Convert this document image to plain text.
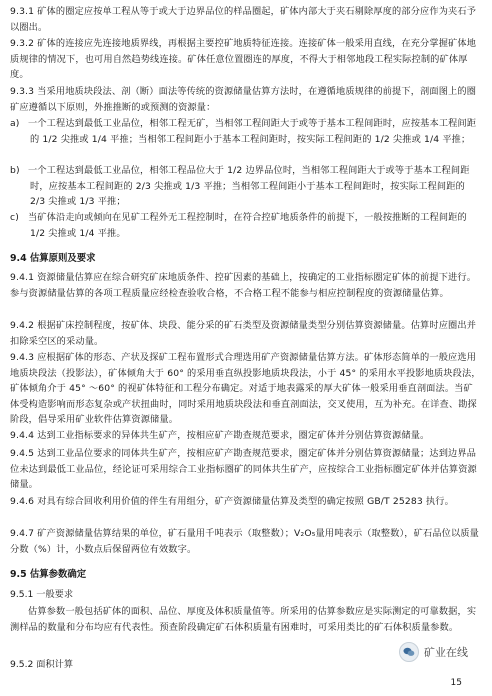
9.3.1 矿体的圈定应按单工程从等于或大于边界品位的样品圈起，矿体内部大于夹石剔除厚度的部分应作为夹石予以圈出。
9.3.2 矿体的连接应先连接地质界线，再根据主要控矿地质特征连接。连接矿体一般采用直线，在充分掌握矿体地质规律的情况下，也可用自然趋势线连接。矿体任意位置圈连的厚度，不得大于相邻地段工程实际控制的矿体厚度。
9.3.3 当采用地质块段法、剖（断）面法等传统的资源储量估算方法时，在遵循地质规律的前提下，剖面图上的圈矿应遵循以下原则，外推推断的或预测的资源量：
a) 一个工程达到最低工业品位，相邻工程无矿，当相邻工程间距大于或等于基本工程间距时，应按基本工程间距的 1/2 尖推或 1/4 平推；当相邻工程间距小于基本工程间距时，按实际工程间距的 1/2 尖推或 1/4 平推；
b) 一个工程达到最低工业品位，相邻工程品位大于 1/2 边界品位时，当相邻工程间距大于或等于基本工程间距时，应按基本工程间距的 2/3 尖推或 1/3 平推；当相邻工程间距小于基本工程间距时，按实际工程间距的 2/3 尖推或 1/3 平推；
c) 当矿体沿走向或倾向在见矿工程外无工程控制时，在符合控矿地质条件的前提下，一般按推断的工程间距的 1/2 尖推或 1/4 平推。
9.4 估算原则及要求
9.4.1 资源储量估算应在综合研究矿床地质条件、控矿因素的基础上，按确定的工业指标圈定矿体的前提下进行。参与资源储量估算的各项工程质量应经检查验收合格，不合格工程不能参与相应控制程度的资源储量估算。
9.4.2 根据矿床控制程度，按矿体、块段、能分采的矿石类型及资源储量类型分别估算资源储量。估算时应圈出并扣除采空区的采动量。
9.4.3 应根据矿体的形态、产状及探矿工程布置形式合理选用矿产资源储量估算方法。矿体形态简单的一般应选用地质块段法（投影法），矿体倾角大于 60° 的采用垂直纵投影地质块段法，小于 45° 的采用水平投影地质块段法，矿体倾角介于 45° ～60° 的视矿体特征和工程分布确定。对适于地表露采的厚大矿体一般采用垂直剖面法。当矿体受构造影响而形态复杂或产状扭曲时，同时采用地质块段法和垂直剖面法，交叉使用，互为补充。在详查、勘探阶段，倡导采用矿业软件估算资源储量。
9.4.4 达到工业指标要求的异体共生矿产，按相应矿产勘查规范要求，圈定矿体并分别估算资源储量。
9.4.5 达到工业品位要求的同体共生矿产，按相应矿产勘查规范要求，圈定矿体并分别估算资源储量；达到边界品位未达到最低工业品位，经论证可采用综合工业指标圈矿的同体共生矿产，应按综合工业指标圈定矿体并估算资源储量。
9.4.6 对具有综合回收利用价值的伴生有用组分，矿产资源储量估算及类型的确定按照 GB/T 25283 执行。
9.4.7 矿产资源储量估算结果的单位，矿石量用千吨表示（取整数）；V₂O₅量用吨表示（取整数），矿石品位以质量分数（%）计，小数点后保留两位有效数字。
9.5 估算参数确定
9.5.1 一般要求
估算参数一般包括矿体的面积、品位、厚度及体积质量值等。所采用的估算参数应是实际测定的可靠数据，实测样品的数量和分布均应有代表性。预查阶段确定矿石体积质量有困难时，可采用类比的矿石体积质量参数。
9.5.2 面积计算
矿业在线
15
